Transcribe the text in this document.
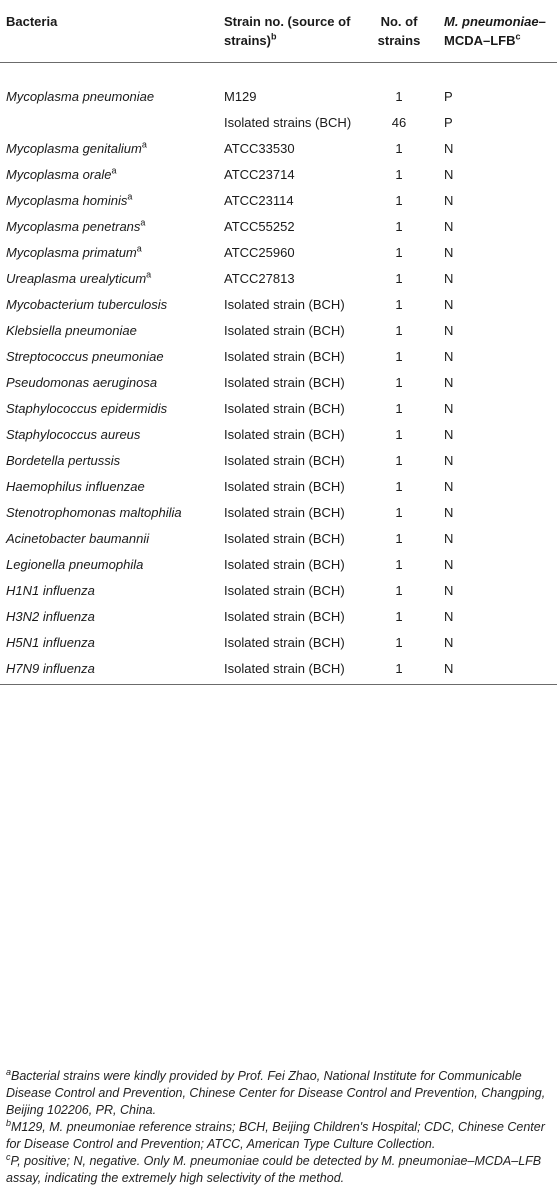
Bacteria	Strain no. (source of strains)$^b$	No. of strains	M. pneumoniae–MCDA–LFB$^c$
Mycoplasma pneumoniae	M129	1	P
	Isolated strains (BCH)	46	P
Mycoplasma genitalium$^a$	ATCC33530	1	N
Mycoplasma orale$^a$	ATCC23714	1	N
Mycoplasma hominis$^a$	ATCC23114	1	N
Mycoplasma penetrans$^a$	ATCC55252	1	N
Mycoplasma primatum$^a$	ATCC25960	1	N
Ureaplasma urealyticum$^a$	ATCC27813	1	N
Mycobacterium tuberculosis	Isolated strain (BCH)	1	N
Klebsiella pneumoniae	Isolated strain (BCH)	1	N
Streptococcus pneumoniae	Isolated strain (BCH)	1	N
Pseudomonas aeruginosa	Isolated strain (BCH)	1	N
Staphylococcus epidermidis	Isolated strain (BCH)	1	N
Staphylococcus aureus	Isolated strain (BCH)	1	N
Bordetella pertussis	Isolated strain (BCH)	1	N
Haemophilus influenzae	Isolated strain (BCH)	1	N
Stenotrophomonas maltophilia	Isolated strain (BCH)	1	N
Acinetobacter baumannii	Isolated strain (BCH)	1	N
Legionella pneumophila	Isolated strain (BCH)	1	N
H1N1 influenza	Isolated strain (BCH)	1	N
H3N2 influenza	Isolated strain (BCH)	1	N
H5N1 influenza	Isolated strain (BCH)	1	N
H7N9 influenza	Isolated strain (BCH)	1	N

$^a$Bacterial strains were kindly provided by Prof. Fei Zhao, National Institute for Communicable Disease Control and Prevention, Chinese Center for Disease Control and Prevention, Changping, Beijing 102206, PR, China.

$^b$M129, M. pneumoniae reference strains; BCH, Beijing Children's Hospital; CDC, Chinese Center for Disease Control and Prevention; ATCC, American Type Culture Collection.

$^c$P, positive; N, negative. Only M. pneumoniae could be detected by M. pneumoniae–MCDA–LFB assay, indicating the extremely high selectivity of the method.
